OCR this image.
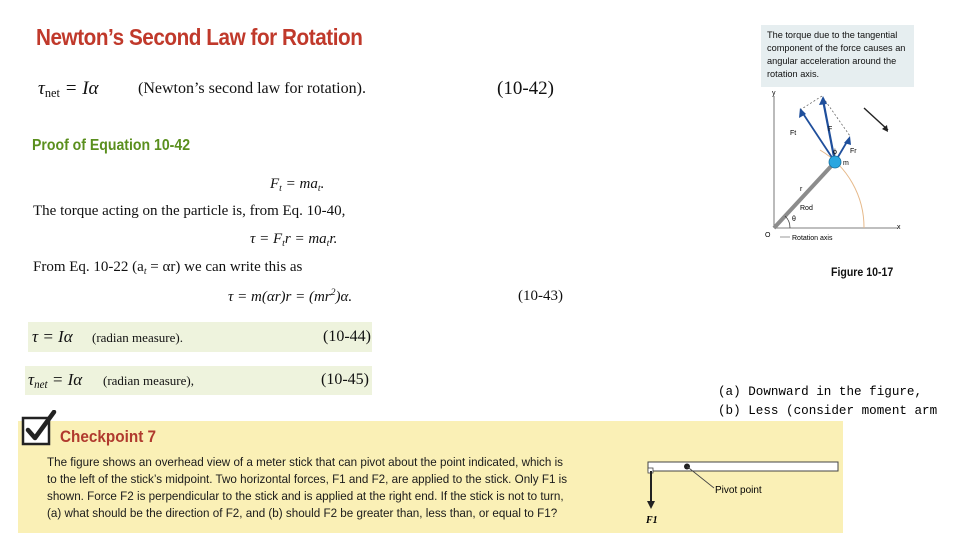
Newton’s Second Law for Rotation
$\tau_{net} = I\alpha$ (Newton’s second law for rotation).	(10-42)
Proof of Equation 10-42
$F_t = ma_t$.
The torque acting on the particle is, from Eq. 10-40,
$\tau = F_tr = ma_tr$.
From Eq. 10-22 $(a_t = \alpha r)$ we can write this as
$\tau = m(\alpha r)r = (mr^2)\alpha$.	(10-43)
τ = Iα (radian measure).	(10-44)
$\tau_{net} = I\alpha$ (radian measure),	(10-45)
(a) Downward in the figure, (b) Less (consider moment arm
The torque due to the tangential component of the force causes an angular acceleration around the rotation axis.
y
x
O
Rod
r
θ
ϕ
m
F
Ft
Fr
Rotation axis
Figure 10-17
Checkpoint 7
The figure shows an overhead view of a meter stick that can pivot about the point indicated, which is
to the left of the stick’s midpoint. Two horizontal forces, F1 and F2, are applied to the stick. Only F1 is
shown. Force F2 is perpendicular to the stick and is applied at the right end. If the stick is not to turn,
(a) what should be the direction of F2, and (b) should F2 be greater than, less than, or equal to F1?
Pivot point
F1
